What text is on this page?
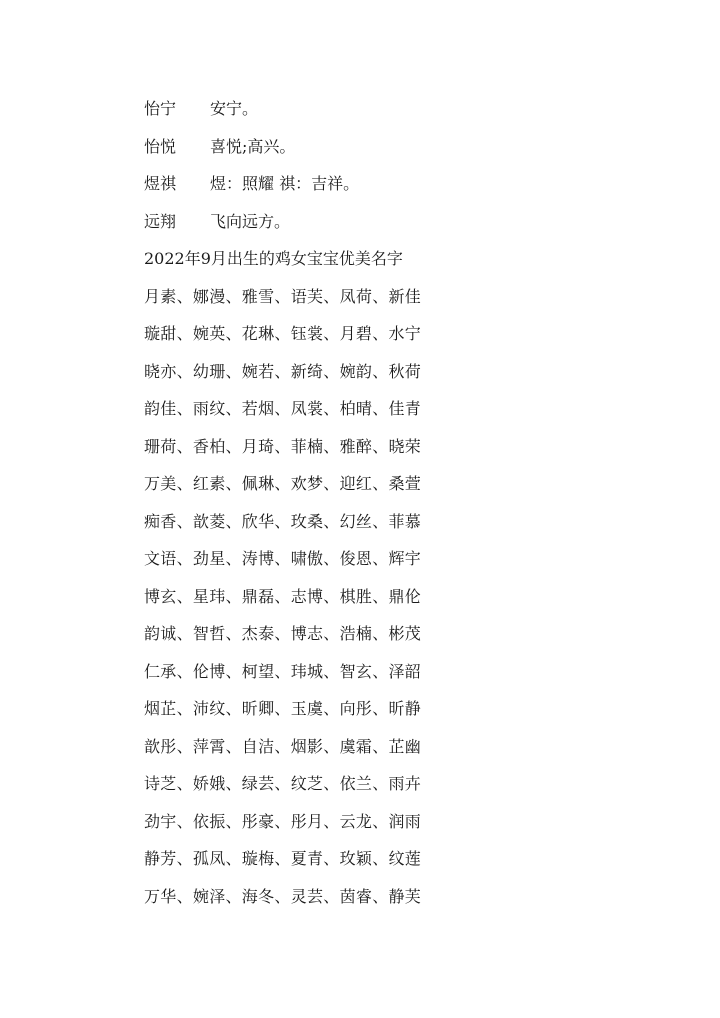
怡宁	安宁。
怡悦	喜悦;高兴。
煜祺	煜：照耀 祺：吉祥。
远翔	飞向远方。
2022年9月出生的鸡女宝宝优美名字
月素、娜漫、雅雪、语芙、凤荷、新佳
璇甜、婉英、花琳、钰裳、月碧、水宁
晓亦、幼珊、婉若、新绮、婉韵、秋荷
韵佳、雨纹、若烟、凤裳、柏晴、佳青
珊荷、香柏、月琦、菲楠、雅醉、晓荣
万美、红素、佩琳、欢梦、迎红、桑萱
痴香、歆菱、欣华、玫桑、幻丝、菲慕
文语、劲星、涛博、啸傲、俊恩、辉宇
博玄、星玮、鼎磊、志博、棋胜、鼎伦
韵诚、智哲、杰泰、博志、浩楠、彬茂
仁承、伦博、柯望、玮城、智玄、泽韶
烟芷、沛纹、昕卿、玉虞、向彤、昕静
歆彤、萍霄、自洁、烟影、虞霜、芷幽
诗芝、娇娥、绿芸、纹芝、依兰、雨卉
劲宇、依振、彤豪、彤月、云龙、润雨
静芳、孤凤、璇梅、夏青、玫颖、纹莲
万华、婉泽、海冬、灵芸、茵睿、静芙
